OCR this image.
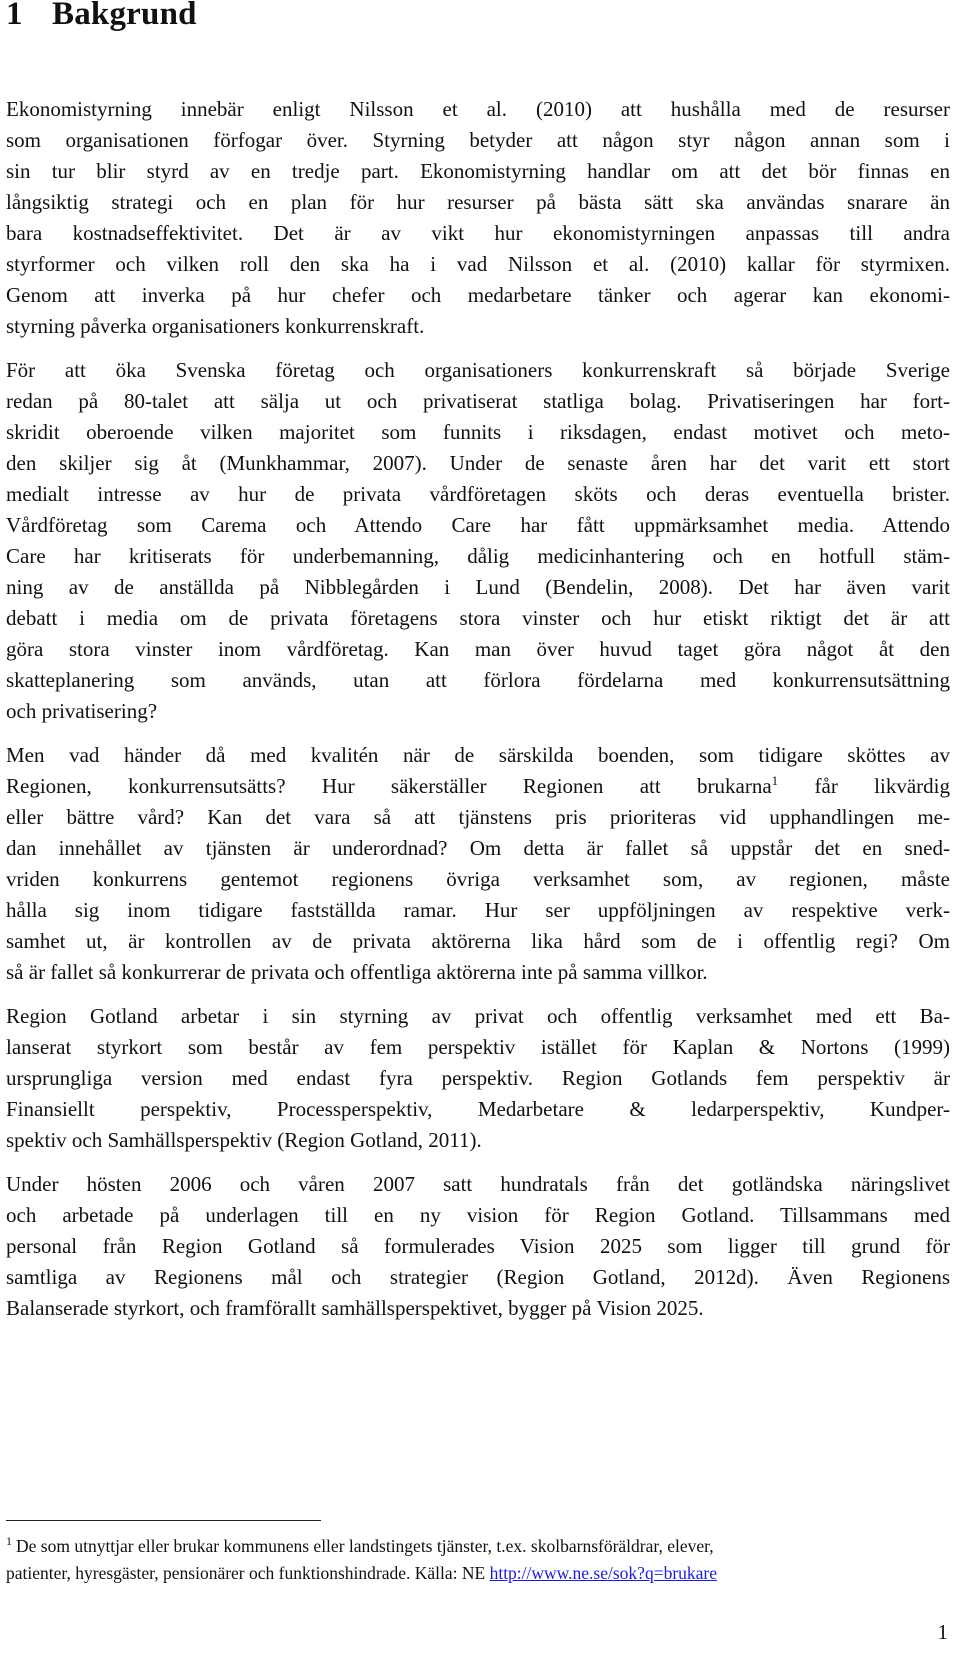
1 Bakgrund

Ekonomistyrning innebär enligt Nilsson et al. (2010) att hushålla med de resurser
som organisationen förfogar över. Styrning betyder att någon styr någon annan som i
sin tur blir styrd av en tredje part. Ekonomistyrning handlar om att det bör finnas en
långsiktig strategi och en plan för hur resurser på bästa sätt ska användas snarare än
bara kostnadseffektivitet. Det är av vikt hur ekonomistyrningen anpassas till andra
styrformer och vilken roll den ska ha i vad Nilsson et al. (2010) kallar för styrmixen.
Genom att inverka på hur chefer och medarbetare tänker och agerar kan ekonomi-
styrning påverka organisationers konkurrenskraft.

För att öka Svenska företag och organisationers konkurrenskraft så började Sverige
redan på 80-talet att sälja ut och privatiserat statliga bolag. Privatiseringen har fort-
skridit oberoende vilken majoritet som funnits i riksdagen, endast motivet och meto-
den skiljer sig åt (Munkhammar, 2007). Under de senaste åren har det varit ett stort
medialt intresse av hur de privata vårdföretagen sköts och deras eventuella brister.
Vårdföretag som Carema och Attendo Care har fått uppmärksamhet media. Attendo
Care har kritiserats för underbemanning, dålig medicinhantering och en hotfull stäm-
ning av de anställda på Nibblegården i Lund (Bendelin, 2008). Det har även varit
debatt i media om de privata företagens stora vinster och hur etiskt riktigt det är att
göra stora vinster inom vårdföretag. Kan man över huvud taget göra något åt den
skatteplanering som används, utan att förlora fördelarna med konkurrensutsättning
och privatisering?

Men vad händer då med kvalitén när de särskilda boenden, som tidigare sköttes av
Regionen, konkurrensutsätts? Hur säkerställer Regionen att brukarna$^1$ får likvärdig
eller bättre vård? Kan det vara så att tjänstens pris prioriteras vid upphandlingen me-
dan innehållet av tjänsten är underordnad? Om detta är fallet så uppstår det en sned-
vriden konkurrens gentemot regionens övriga verksamhet som, av regionen, måste
hålla sig inom tidigare fastställda ramar. Hur ser uppföljningen av respektive verk-
samhet ut, är kontrollen av de privata aktörerna lika hård som de i offentlig regi? Om
så är fallet så konkurrerar de privata och offentliga aktörerna inte på samma villkor.

Region Gotland arbetar i sin styrning av privat och offentlig verksamhet med ett Ba-
lanserat styrkort som består av fem perspektiv istället för Kaplan & Nortons (1999)
ursprungliga version med endast fyra perspektiv. Region Gotlands fem perspektiv är
Finansiellt perspektiv, Processperspektiv, Medarbetare & ledarperspektiv, Kundper-
spektiv och Samhällsperspektiv (Region Gotland, 2011).

Under hösten 2006 och våren 2007 satt hundratals från det gotländska näringslivet
och arbetade på underlagen till en ny vision för Region Gotland. Tillsammans med
personal från Region Gotland så formulerades Vision 2025 som ligger till grund för
samtliga av Regionens mål och strategier (Region Gotland, 2012d). Även Regionens
Balanserade styrkort, och framförallt samhällsperspektivet, bygger på Vision 2025.

$^1$ De som utnyttjar eller brukar kommunens eller landstingets tjänster, t.ex. skolbarnsföräldrar, elever,
patienter, hyresgäster, pensionärer och funktionshindrade. Källa: NE http://www.ne.se/sok?q=brukare
1
